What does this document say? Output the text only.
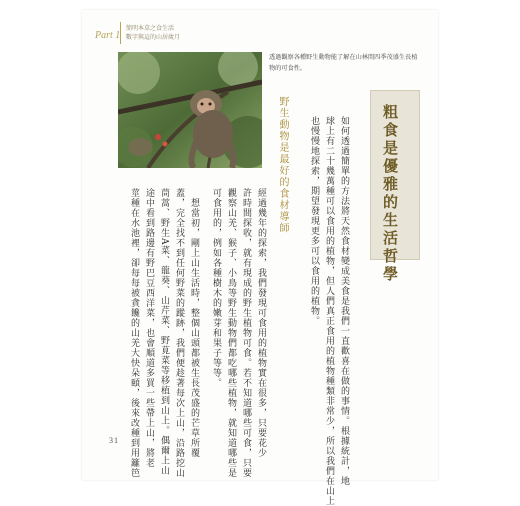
Part 1
簡明本草之食生活
數字與這的山居歲月
透過觀察各種野生動物能了解在山林間四季茂盛生長植物的可食性。
粗食是優雅的生活哲學
如何透過簡單的方法將天然食材變成美食是我們一直歡喜在做的事情。根據統計，地
球上有二十幾萬種可以食用的植物，但人們真正食用的植物種類非常少，所以我們在山上
也慢慢地探索，期望發現更多可以食用的植物。
野生動物是最好的食材導師
經過幾年的探索，我們發現可食用的植物實在很多，只要花少
許時間探收，就有現成的野生植物可食。若不知道哪些可食，只要
觀察山羌、猴子、小鳥等野生動物們都吃哪些植物，就知道哪些是
可食用的，例如各種樹木的嫩芽和果子等等。
　想當初，剛上山生活時，整個山頭都被生長茂盛的芒草所覆
蓋，完全找不到任何野菜的蹤跡，我們便趁著每次上山，沿路挖山
茼蒿、野生A菜、龍葵、山芹菜、野莧菜等移植到山上。偶爾上山
途中看到路邊有野巴豆西洋菜，也會順道多買一些帶上山，將老
莖種在水池裡，卻每每被貪饞的山羌大快朵頤，後來改種到用籬笆
31
